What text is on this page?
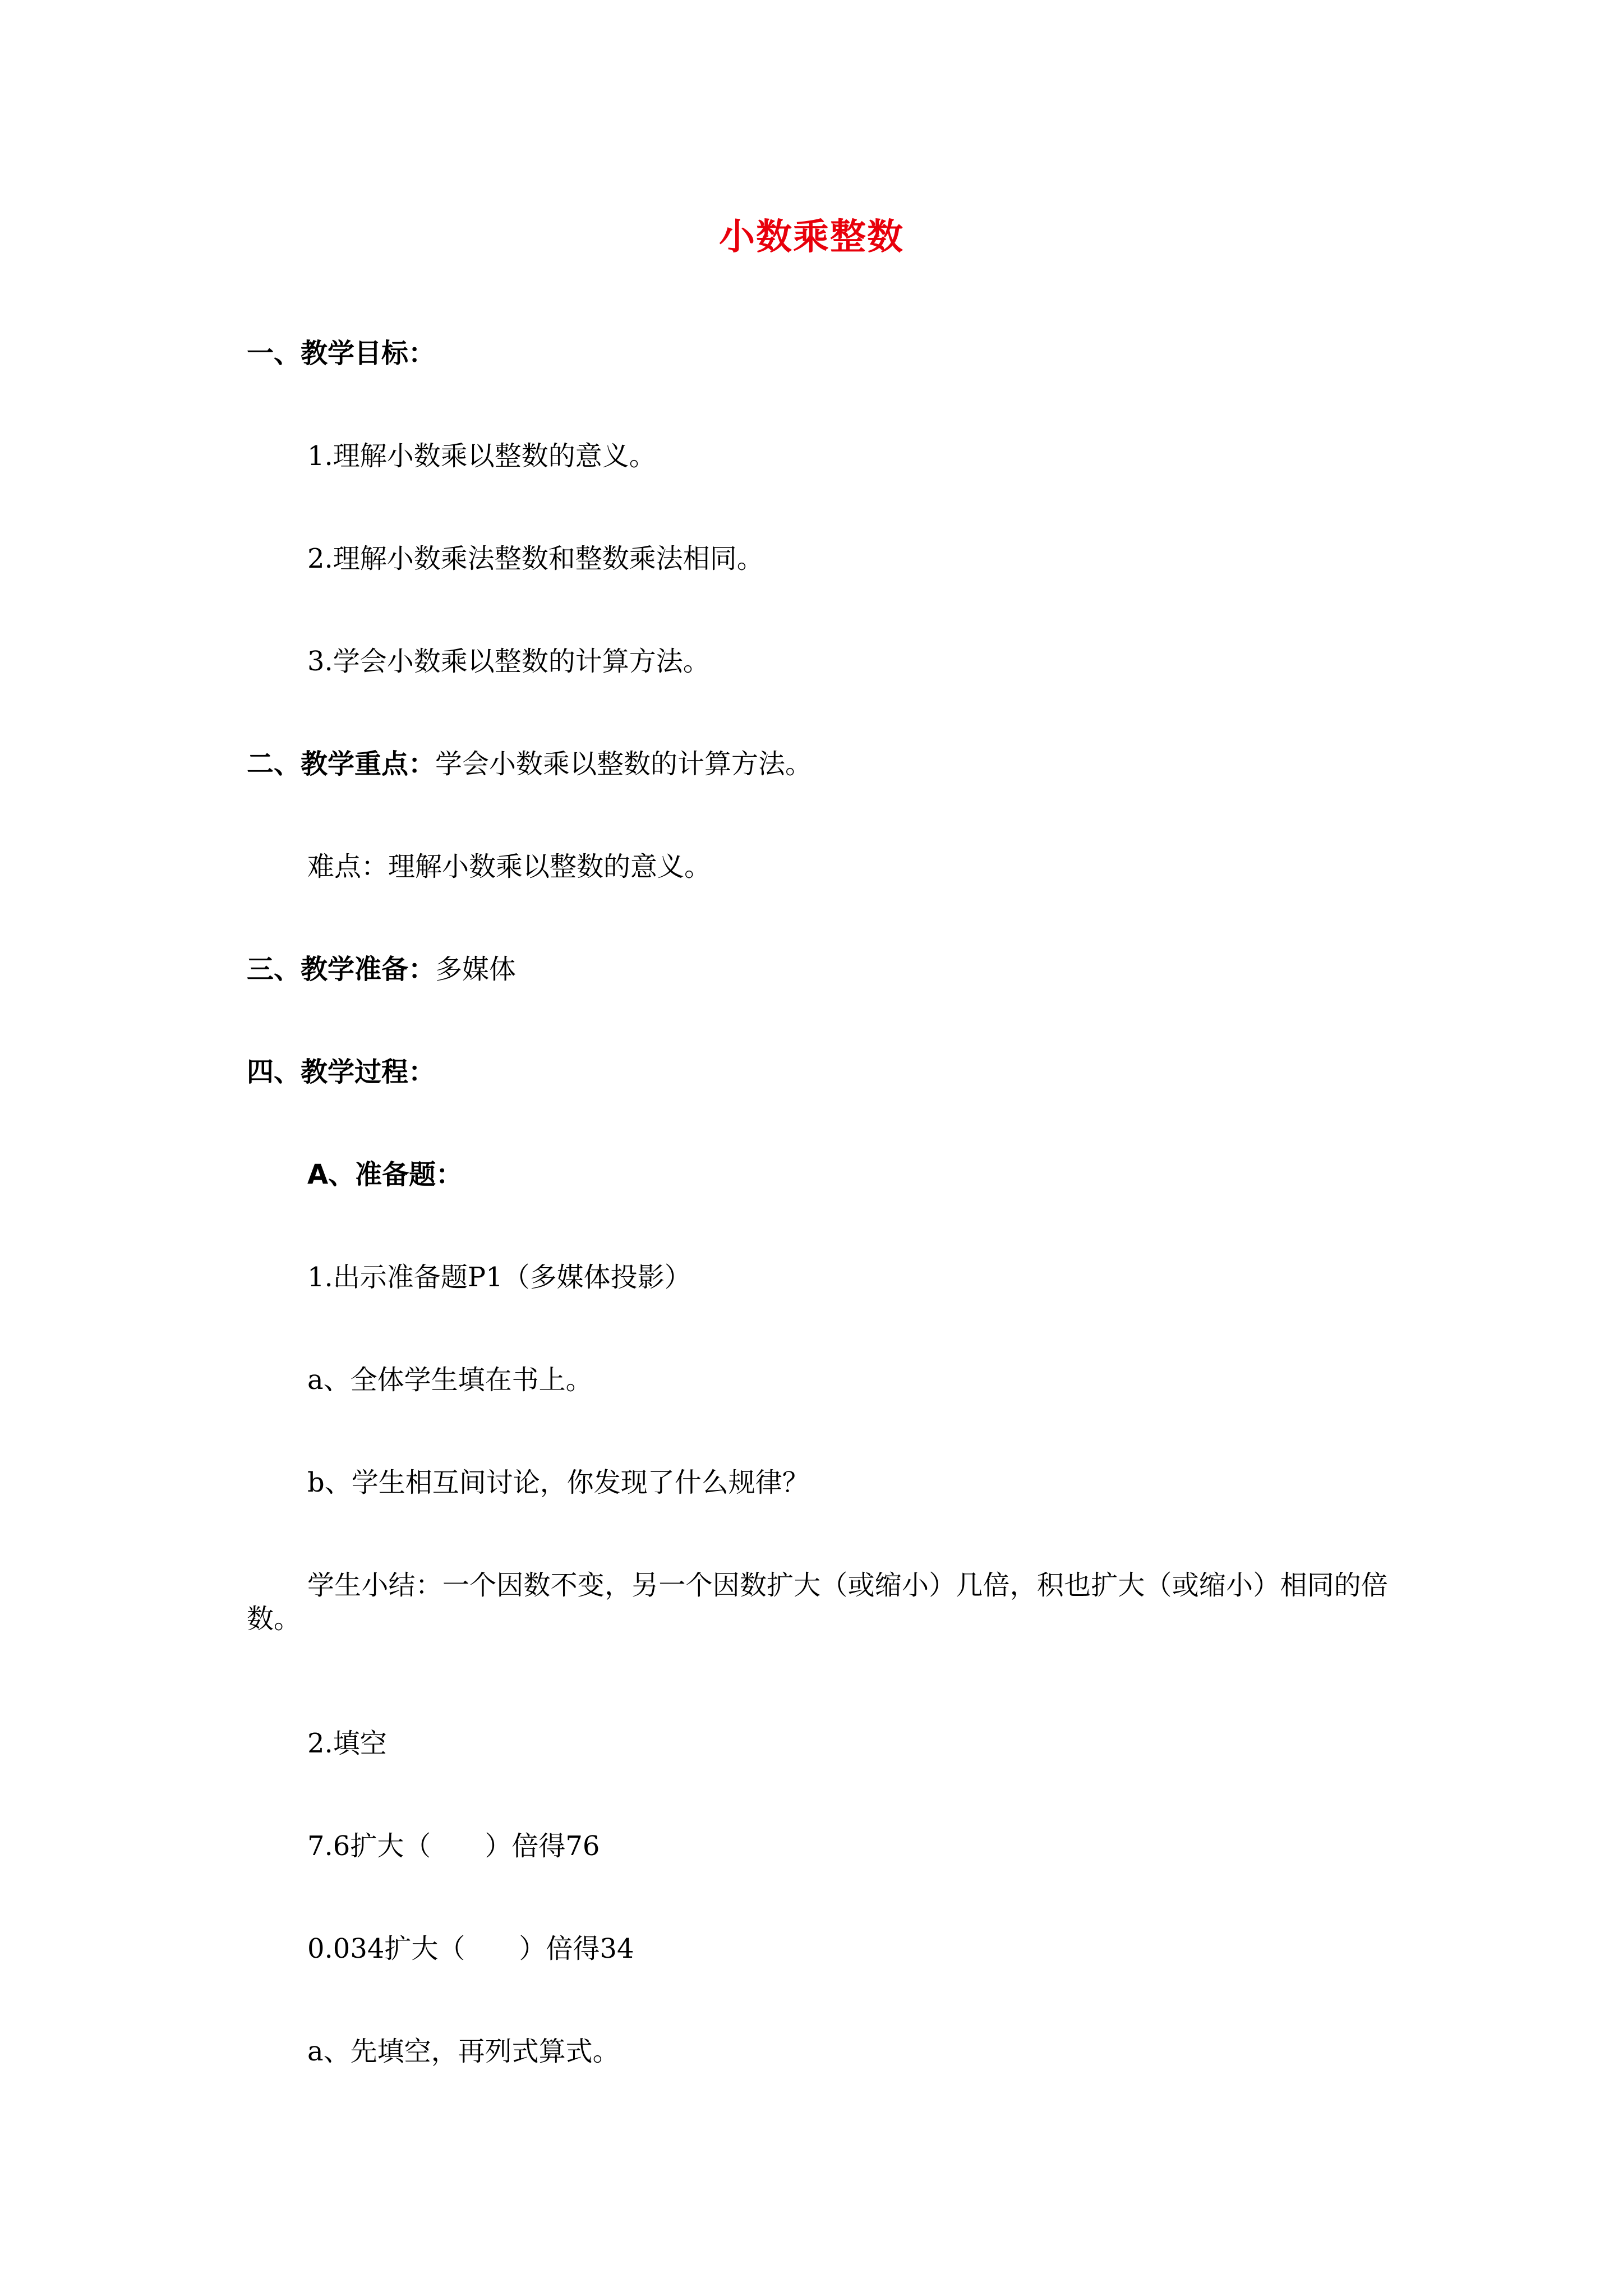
小数乘整数
一、教学目标：
1.理解小数乘以整数的意义。
2.理解小数乘法整数和整数乘法相同。
3.学会小数乘以整数的计算方法。
二、教学重点：学会小数乘以整数的计算方法。
难点：理解小数乘以整数的意义。
三、教学准备：多媒体
四、教学过程：
A、准备题：
1.出示准备题P1（多媒体投影）
a、全体学生填在书上。
b、学生相互间讨论，你发现了什么规律？
学生小结：一个因数不变，另一个因数扩大（或缩小）几倍，积也扩大（或缩小）相同的倍数。
2.填空
7.6扩大（　　）倍得76
0.034扩大（　　）倍得34
a、先填空，再列式算式。
